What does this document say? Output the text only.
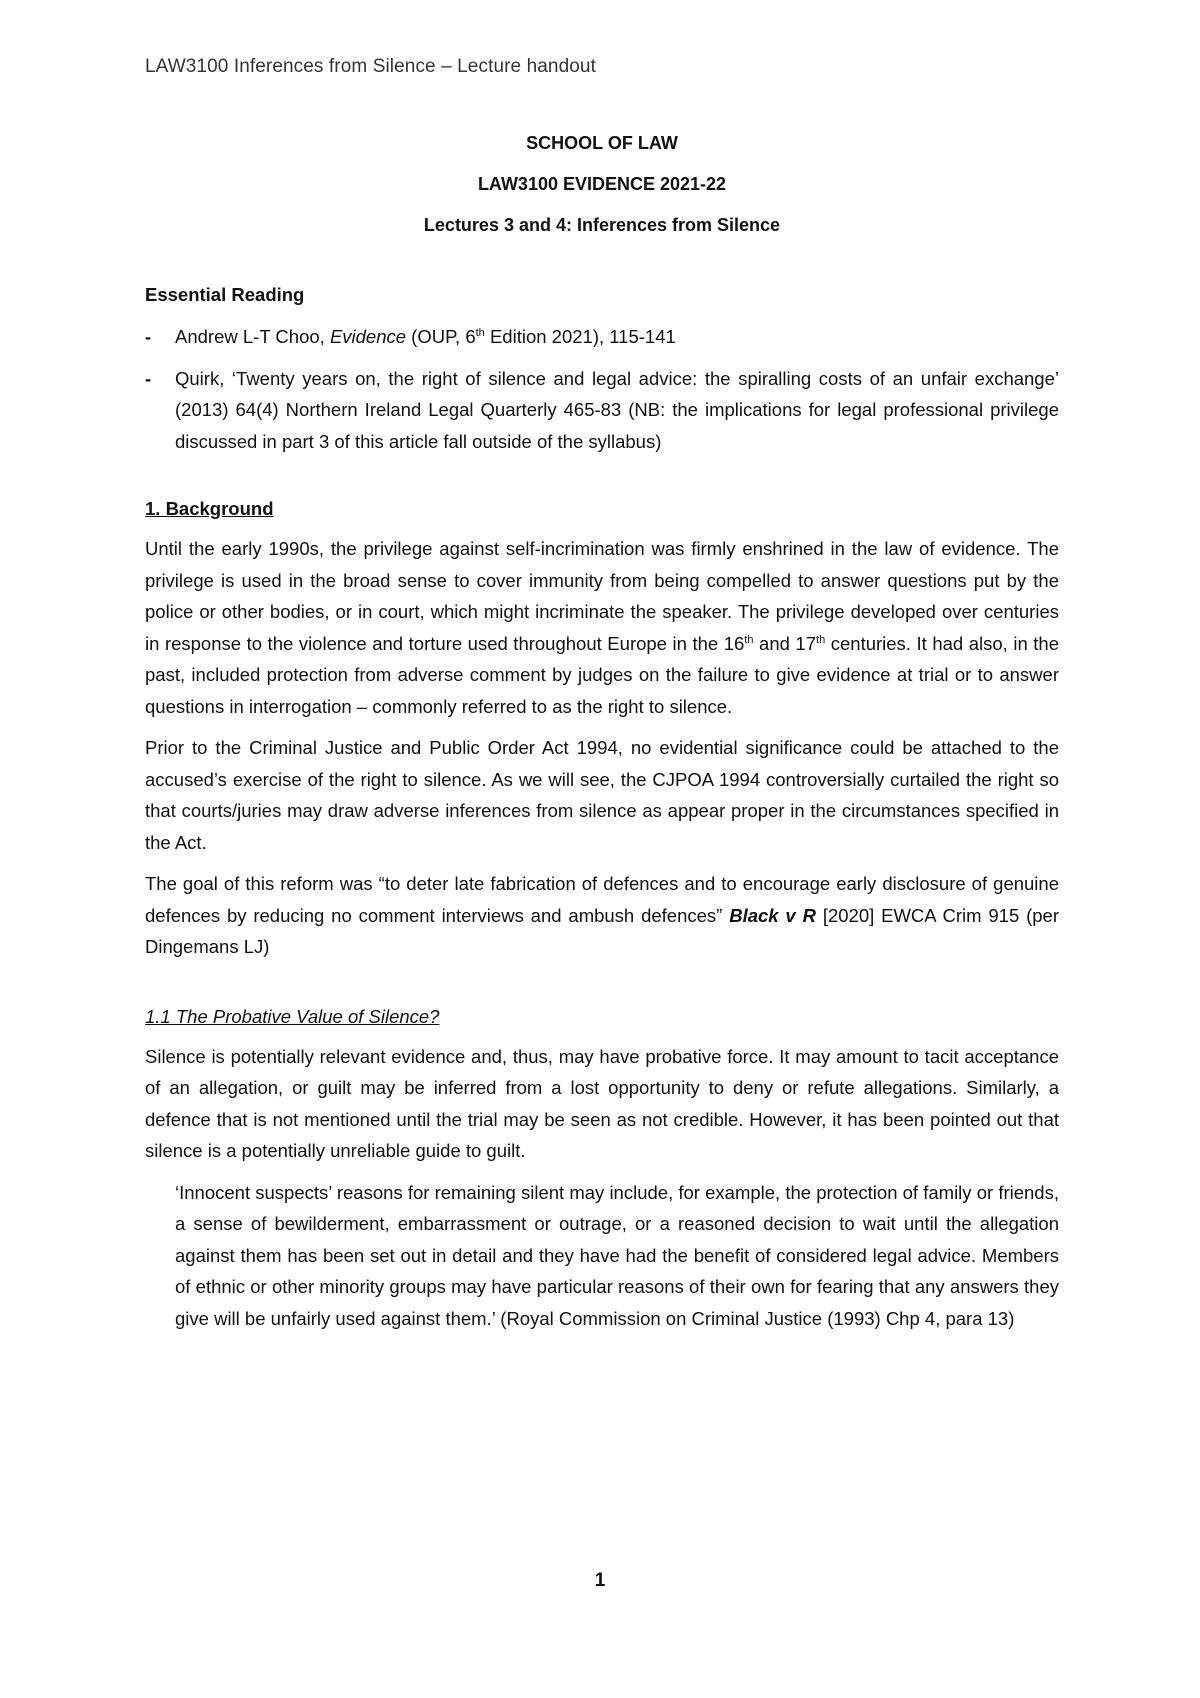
LAW3100 Inferences from Silence – Lecture handout
SCHOOL OF LAW
LAW3100 EVIDENCE 2021-22
Lectures 3 and 4: Inferences from Silence
Essential Reading
- Andrew L-T Choo, Evidence (OUP, 6th Edition 2021), 115-141
- Quirk, ‘Twenty years on, the right of silence and legal advice: the spiralling costs of an unfair exchange’ (2013) 64(4) Northern Ireland Legal Quarterly 465-83 (NB: the implications for legal professional privilege discussed in part 3 of this article fall outside of the syllabus)
1. Background

Until the early 1990s, the privilege against self-incrimination was firmly enshrined in the law of evidence. The privilege is used in the broad sense to cover immunity from being compelled to answer questions put by the police or other bodies, or in court, which might incriminate the speaker. The privilege developed over centuries in response to the violence and torture used throughout Europe in the 16th and 17th centuries. It had also, in the past, included protection from adverse comment by judges on the failure to give evidence at trial or to answer questions in interrogation – commonly referred to as the right to silence.

Prior to the Criminal Justice and Public Order Act 1994, no evidential significance could be attached to the accused’s exercise of the right to silence. As we will see, the CJPOA 1994 controversially curtailed the right so that courts/juries may draw adverse inferences from silence as appear proper in the circumstances specified in the Act.

The goal of this reform was “to deter late fabrication of defences and to encourage early disclosure of genuine defences by reducing no comment interviews and ambush defences” Black v R [2020] EWCA Crim 915 (per Dingemans LJ)

1.1 The Probative Value of Silence?

Silence is potentially relevant evidence and, thus, may have probative force. It may amount to tacit acceptance of an allegation, or guilt may be inferred from a lost opportunity to deny or refute allegations. Similarly, a defence that is not mentioned until the trial may be seen as not credible. However, it has been pointed out that silence is a potentially unreliable guide to guilt.

‘Innocent suspects’ reasons for remaining silent may include, for example, the protection of family or friends, a sense of bewilderment, embarrassment or outrage, or a reasoned decision to wait until the allegation against them has been set out in detail and they have had the benefit of considered legal advice. Members of ethnic or other minority groups may have particular reasons of their own for fearing that any answers they give will be unfairly used against them.’ (Royal Commission on Criminal Justice (1993) Chp 4, para 13)

1
